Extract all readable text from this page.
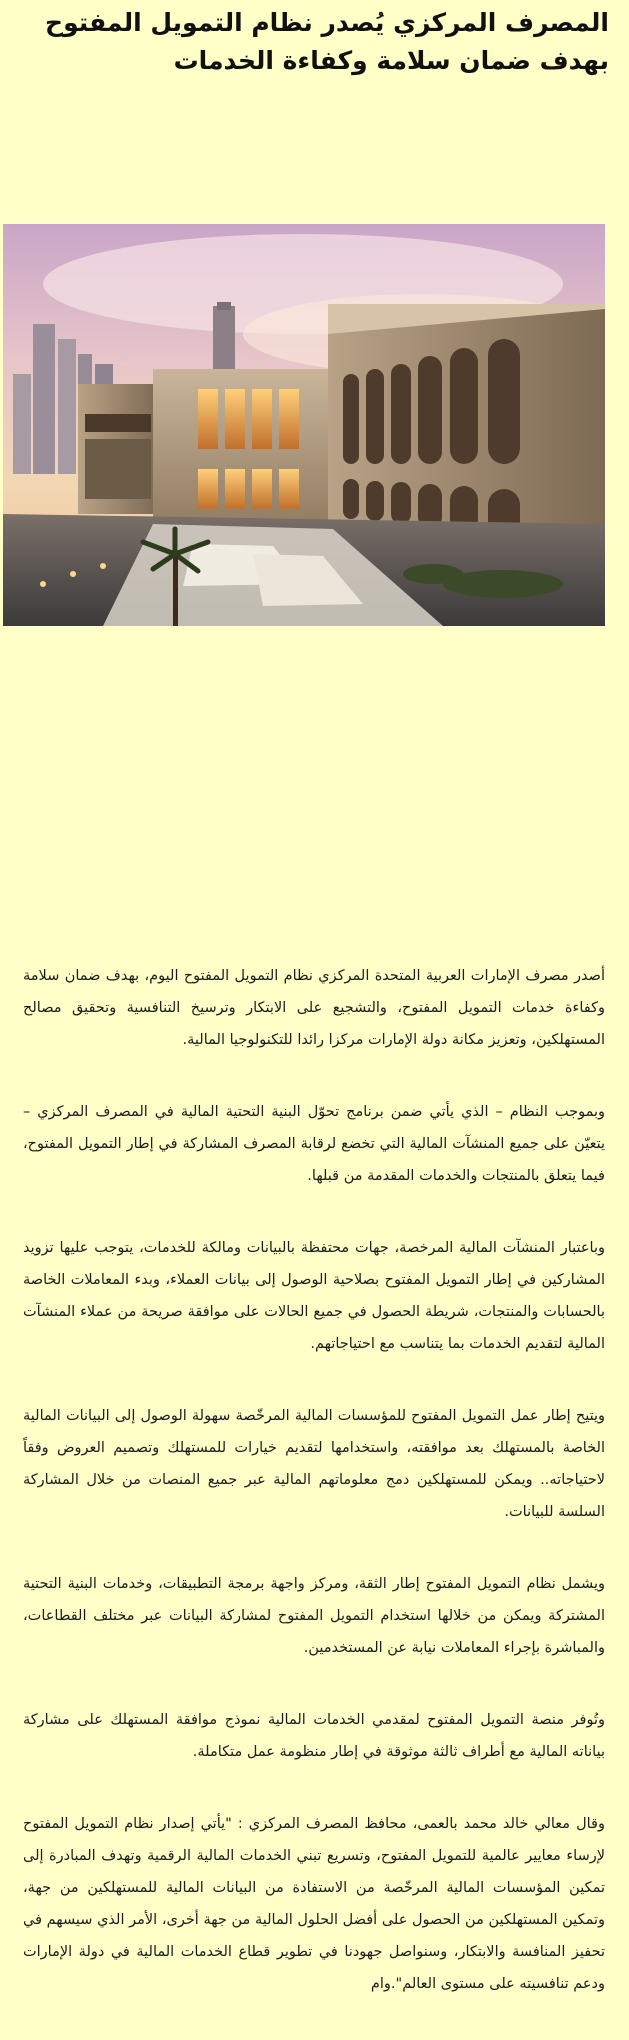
المصرف المركزي يُصدر نظام التمويل المفتوح بهدف ضمان سلامة وكفاءة الخدمات

أصدر مصرف الإمارات العربية المتحدة المركزي نظام التمويل المفتوح اليوم، بهدف ضمان سلامة وكفاءة خدمات التمويل المفتوح، والتشجيع على الابتكار وترسيخ التنافسية وتحقيق مصالح المستهلكين، وتعزيز مكانة دولة الإمارات مركزا رائدا للتكنولوجيا المالية.

وبموجب النظام – الذي يأتي ضمن برنامج تحوّل البنية التحتية المالية في المصرف المركزي – يتعيّن على جميع المنشآت المالية التي تخضع لرقابة المصرف المشاركة في إطار التمويل المفتوح، فيما يتعلق بالمنتجات والخدمات المقدمة من قبلها.

وباعتبار المنشآت المالية المرخصة، جهات محتفظة بالبيانات ومالكة للخدمات، يتوجب عليها تزويد المشاركين في إطار التمويل المفتوح بصلاحية الوصول إلى بيانات العملاء، وبدء المعاملات الخاصة بالحسابات والمنتجات، شريطة الحصول في جميع الحالات على موافقة صريحة من عملاء المنشآت المالية لتقديم الخدمات بما يتناسب مع احتياجاتهم.

ويتيح إطار عمل التمويل المفتوح للمؤسسات المالية المرخّصة سهولة الوصول إلى البيانات المالية الخاصة بالمستهلك بعد موافقته، واستخدامها لتقديم خيارات للمستهلك وتصميم العروض وفقاً لاحتياجاته.. ويمكن للمستهلكين دمج معلوماتهم المالية عبر جميع المنصات من خلال المشاركة السلسة للبيانات.

ويشمل نظام التمويل المفتوح إطار الثقة، ومركز واجهة برمجة التطبيقات، وخدمات البنية التحتية المشتركة ويمكن من خلالها استخدام التمويل المفتوح لمشاركة البيانات عبر مختلف القطاعات، والمباشرة بإجراء المعاملات نيابة عن المستخدمين.

وتُوفر منصة التمويل المفتوح لمقدمي الخدمات المالية نموذج موافقة المستهلك على مشاركة بياناته المالية مع أطراف ثالثة موثوقة في إطار منظومة عمل متكاملة.

وقال معالي خالد محمد بالعمى، محافظ المصرف المركزي : "يأتي إصدار نظام التمويل المفتوح لإرساء معايير عالمية للتمويل المفتوح، وتسريع تبني الخدمات المالية الرقمية وتهدف المبادرة إلى تمكين المؤسسات المالية المرخّصة من الاستفادة من البيانات المالية للمستهلكين من جهة، وتمكين المستهلكين من الحصول على أفضل الحلول المالية من جهة أخرى، الأمر الذي سيسهم في تحفيز المنافسة والابتكار، وسنواصل جهودنا في تطوير قطاع الخدمات المالية في دولة الإمارات ودعم تنافسيته على مستوى العالم".وام
